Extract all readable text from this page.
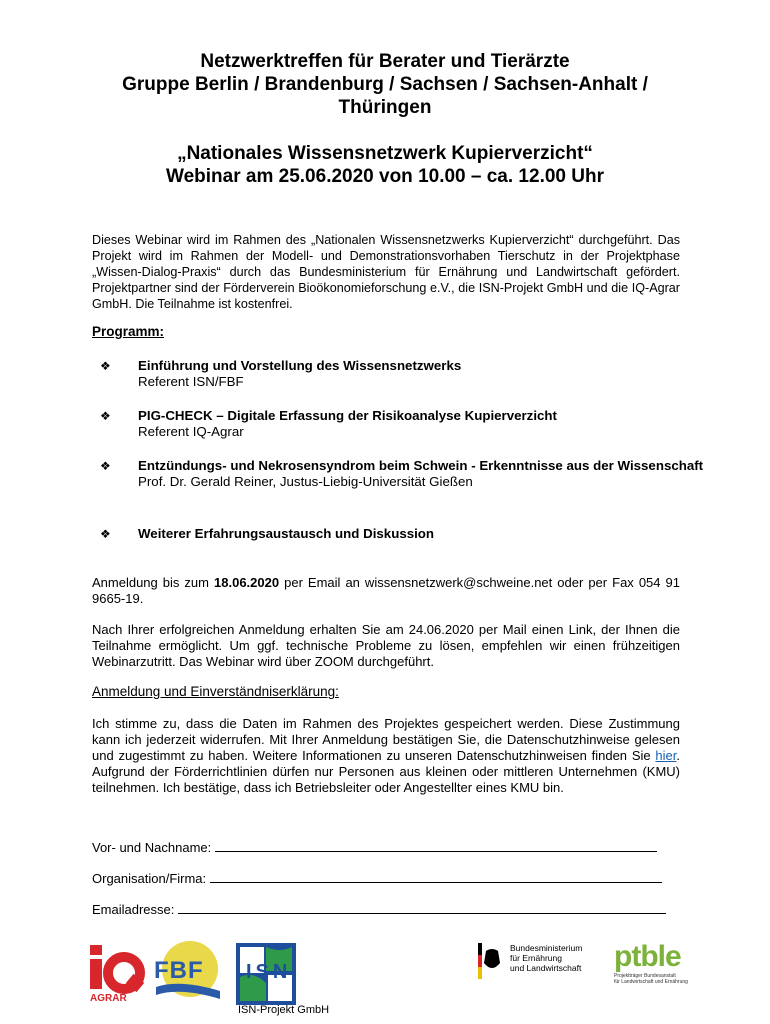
Netzwerktreffen für Berater und Tierärzte
Gruppe Berlin / Brandenburg / Sachsen / Sachsen-Anhalt /
Thüringen
„Nationales Wissensnetzwerk Kupierverzicht“
Webinar am 25.06.2020 von 10.00 – ca. 12.00 Uhr
Dieses Webinar wird im Rahmen des „Nationalen Wissensnetzwerks Kupierverzicht“ durchgeführt. Das Projekt wird im Rahmen der Modell- und Demonstrationsvorhaben Tierschutz in der Projektphase „Wissen-Dialog-Praxis“ durch das Bundesministerium für Ernährung und Landwirtschaft gefördert. Projektpartner sind der Förderverein Bioökonomieforschung e.V., die ISN-Projekt GmbH und die IQ-Agrar GmbH. Die Teilnahme ist kostenfrei.
Programm:
❖ Einführung und Vorstellung des Wissensnetzwerks
Referent ISN/FBF
❖ PIG-CHECK – Digitale Erfassung der Risikoanalyse Kupierverzicht
Referent IQ-Agrar
❖ Entzündungs- und Nekrosensyndrom beim Schwein - Erkenntnisse aus der Wissenschaft
Prof. Dr. Gerald Reiner, Justus-Liebig-Universität Gießen
❖ Weiterer Erfahrungsaustausch und Diskussion
Anmeldung bis zum 18.06.2020 per Email an wissensnetzwerk@schweine.net oder per Fax 054 91 9665-19.
Nach Ihrer erfolgreichen Anmeldung erhalten Sie am 24.06.2020 per Mail einen Link, der Ihnen die Teilnahme ermöglicht. Um ggf. technische Probleme zu lösen, empfehlen wir einen frühzeitigen Webinarzutritt. Das Webinar wird über ZOOM durchgeführt.
Anmeldung und Einverständniserklärung:
Ich stimme zu, dass die Daten im Rahmen des Projektes gespeichert werden. Diese Zustimmung kann ich jederzeit widerrufen. Mit Ihrer Anmeldung bestätigen Sie, die Datenschutzhinweise gelesen und zugestimmt zu haben. Weitere Informationen zu unseren Datenschutzhinweisen finden Sie hier. Aufgrund der Förderrichtlinien dürfen nur Personen aus kleinen oder mittleren Unternehmen (KMU) teilnehmen. Ich bestätige, dass ich Betriebsleiter oder Angestellter eines KMU bin.
Vor- und Nachname:
Organisation/Firma:
Emailadresse:
AGRAR
FBF ISN
Bundesministerium
für Ernährung
und Landwirtschaft ptble
Projektträger Bundesanstalt
für Landwirtschaft und Ernährung
ISN-Projekt GmbH
